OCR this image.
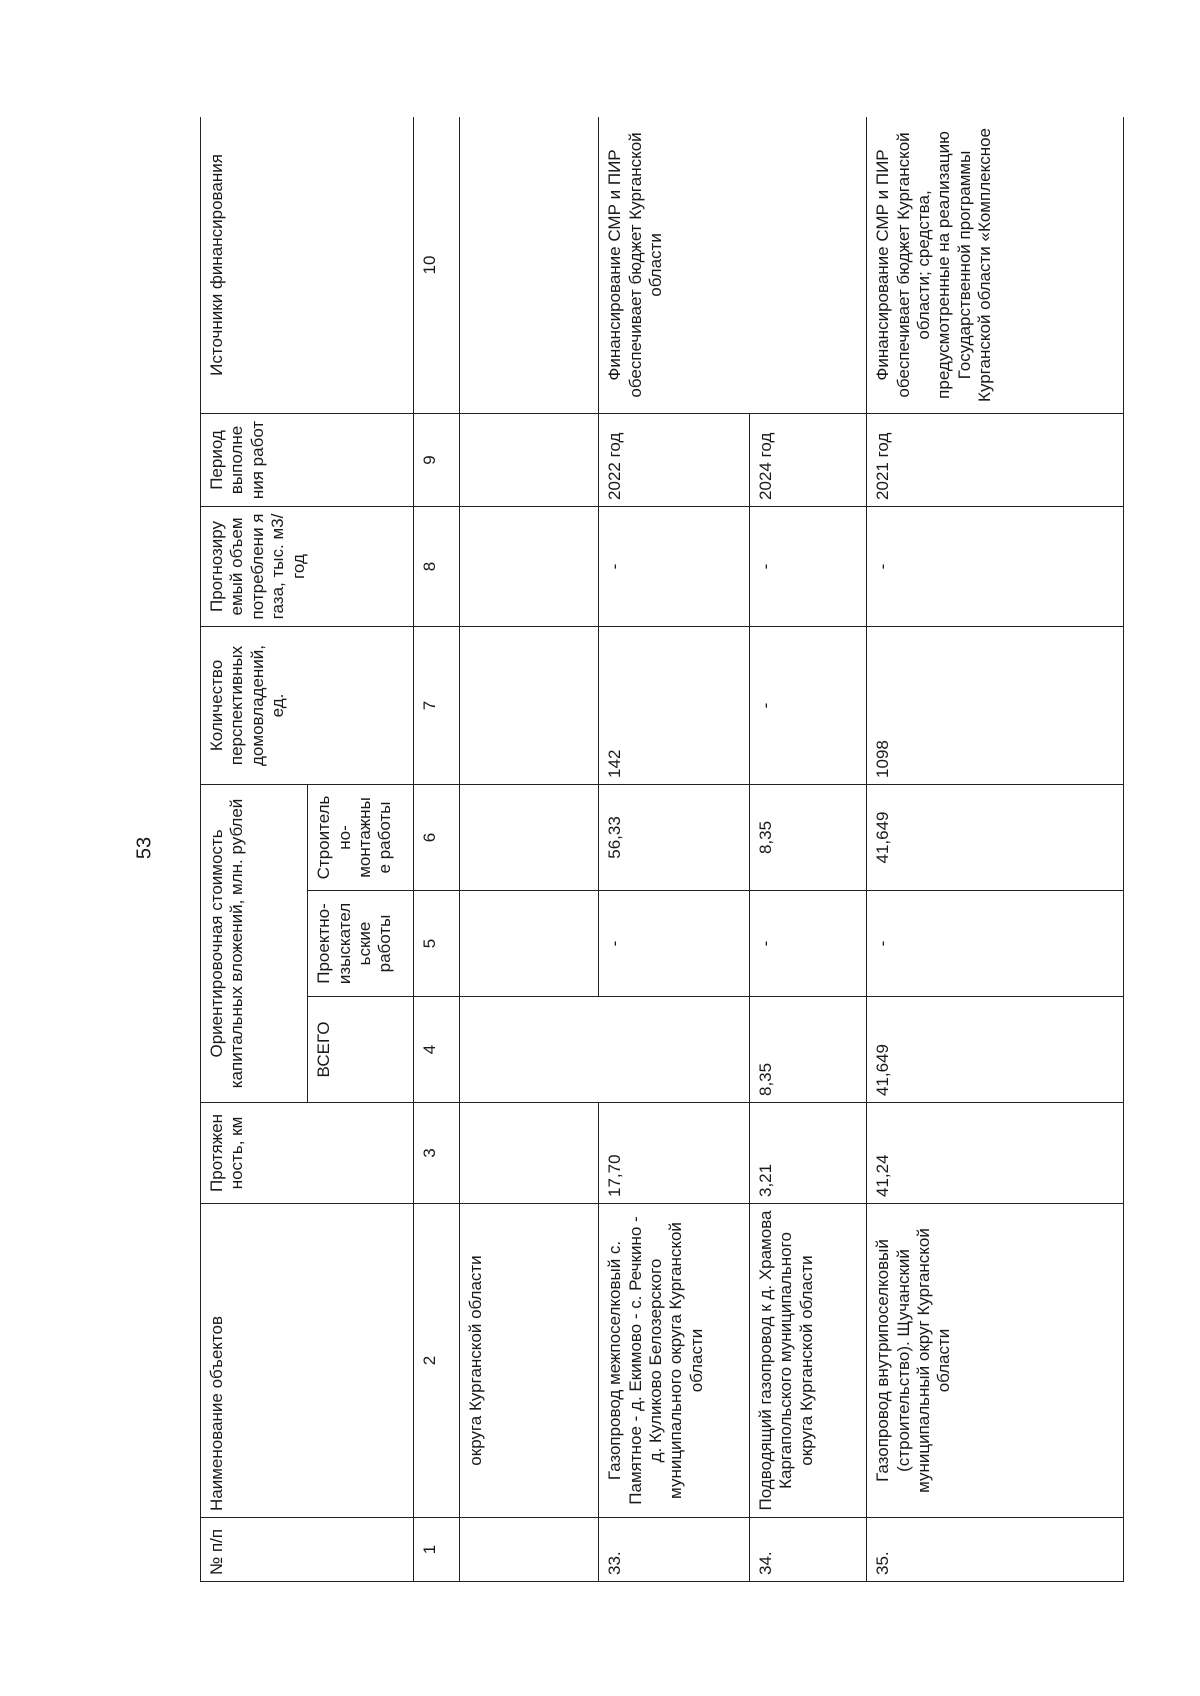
53
№ п/п	Наименование объектов	Протяжен ность, км	Ориентировочная стоимость капитальных вложений, млн. рублей			Количество перспективных домовладений, ед.	Прогнозиру емый объем потреблени я газа, тыс. м3/год	Период выполне ния работ	Источники финансирования
			ВСЕГО	Проектно-изыскател ьские работы	Строитель но-монтажны е работы				
1	2	3	4	5	6	7	8	9	10
	округа Курганской области								
33.	Газопровод межпоселковый с. Памятное - д. Екимово - с. Речкино - д. Куликово Белозерского муниципального округа Курганской области	17,70		-	56,33	142	-	2022 год	Финансирование СМР и ПИР обеспечивает бюджет Курганской области
34.	Подводящий газопровод к д. Храмова Каргапольского муниципального округа Курганской области	3,21	8,35	-	8,35	-	-	2024 год	
35.	Газопровод внутрипоселковый (строительство). Щучанский муниципальный округ Курганской области	41,24	41,649	-	41,649	1098	-	2021 год	Финансирование СМР и ПИР обеспечивает бюджет Курганской области; средства, предусмотренные на реализацию Государственной программы Курганской области «Комплексное
